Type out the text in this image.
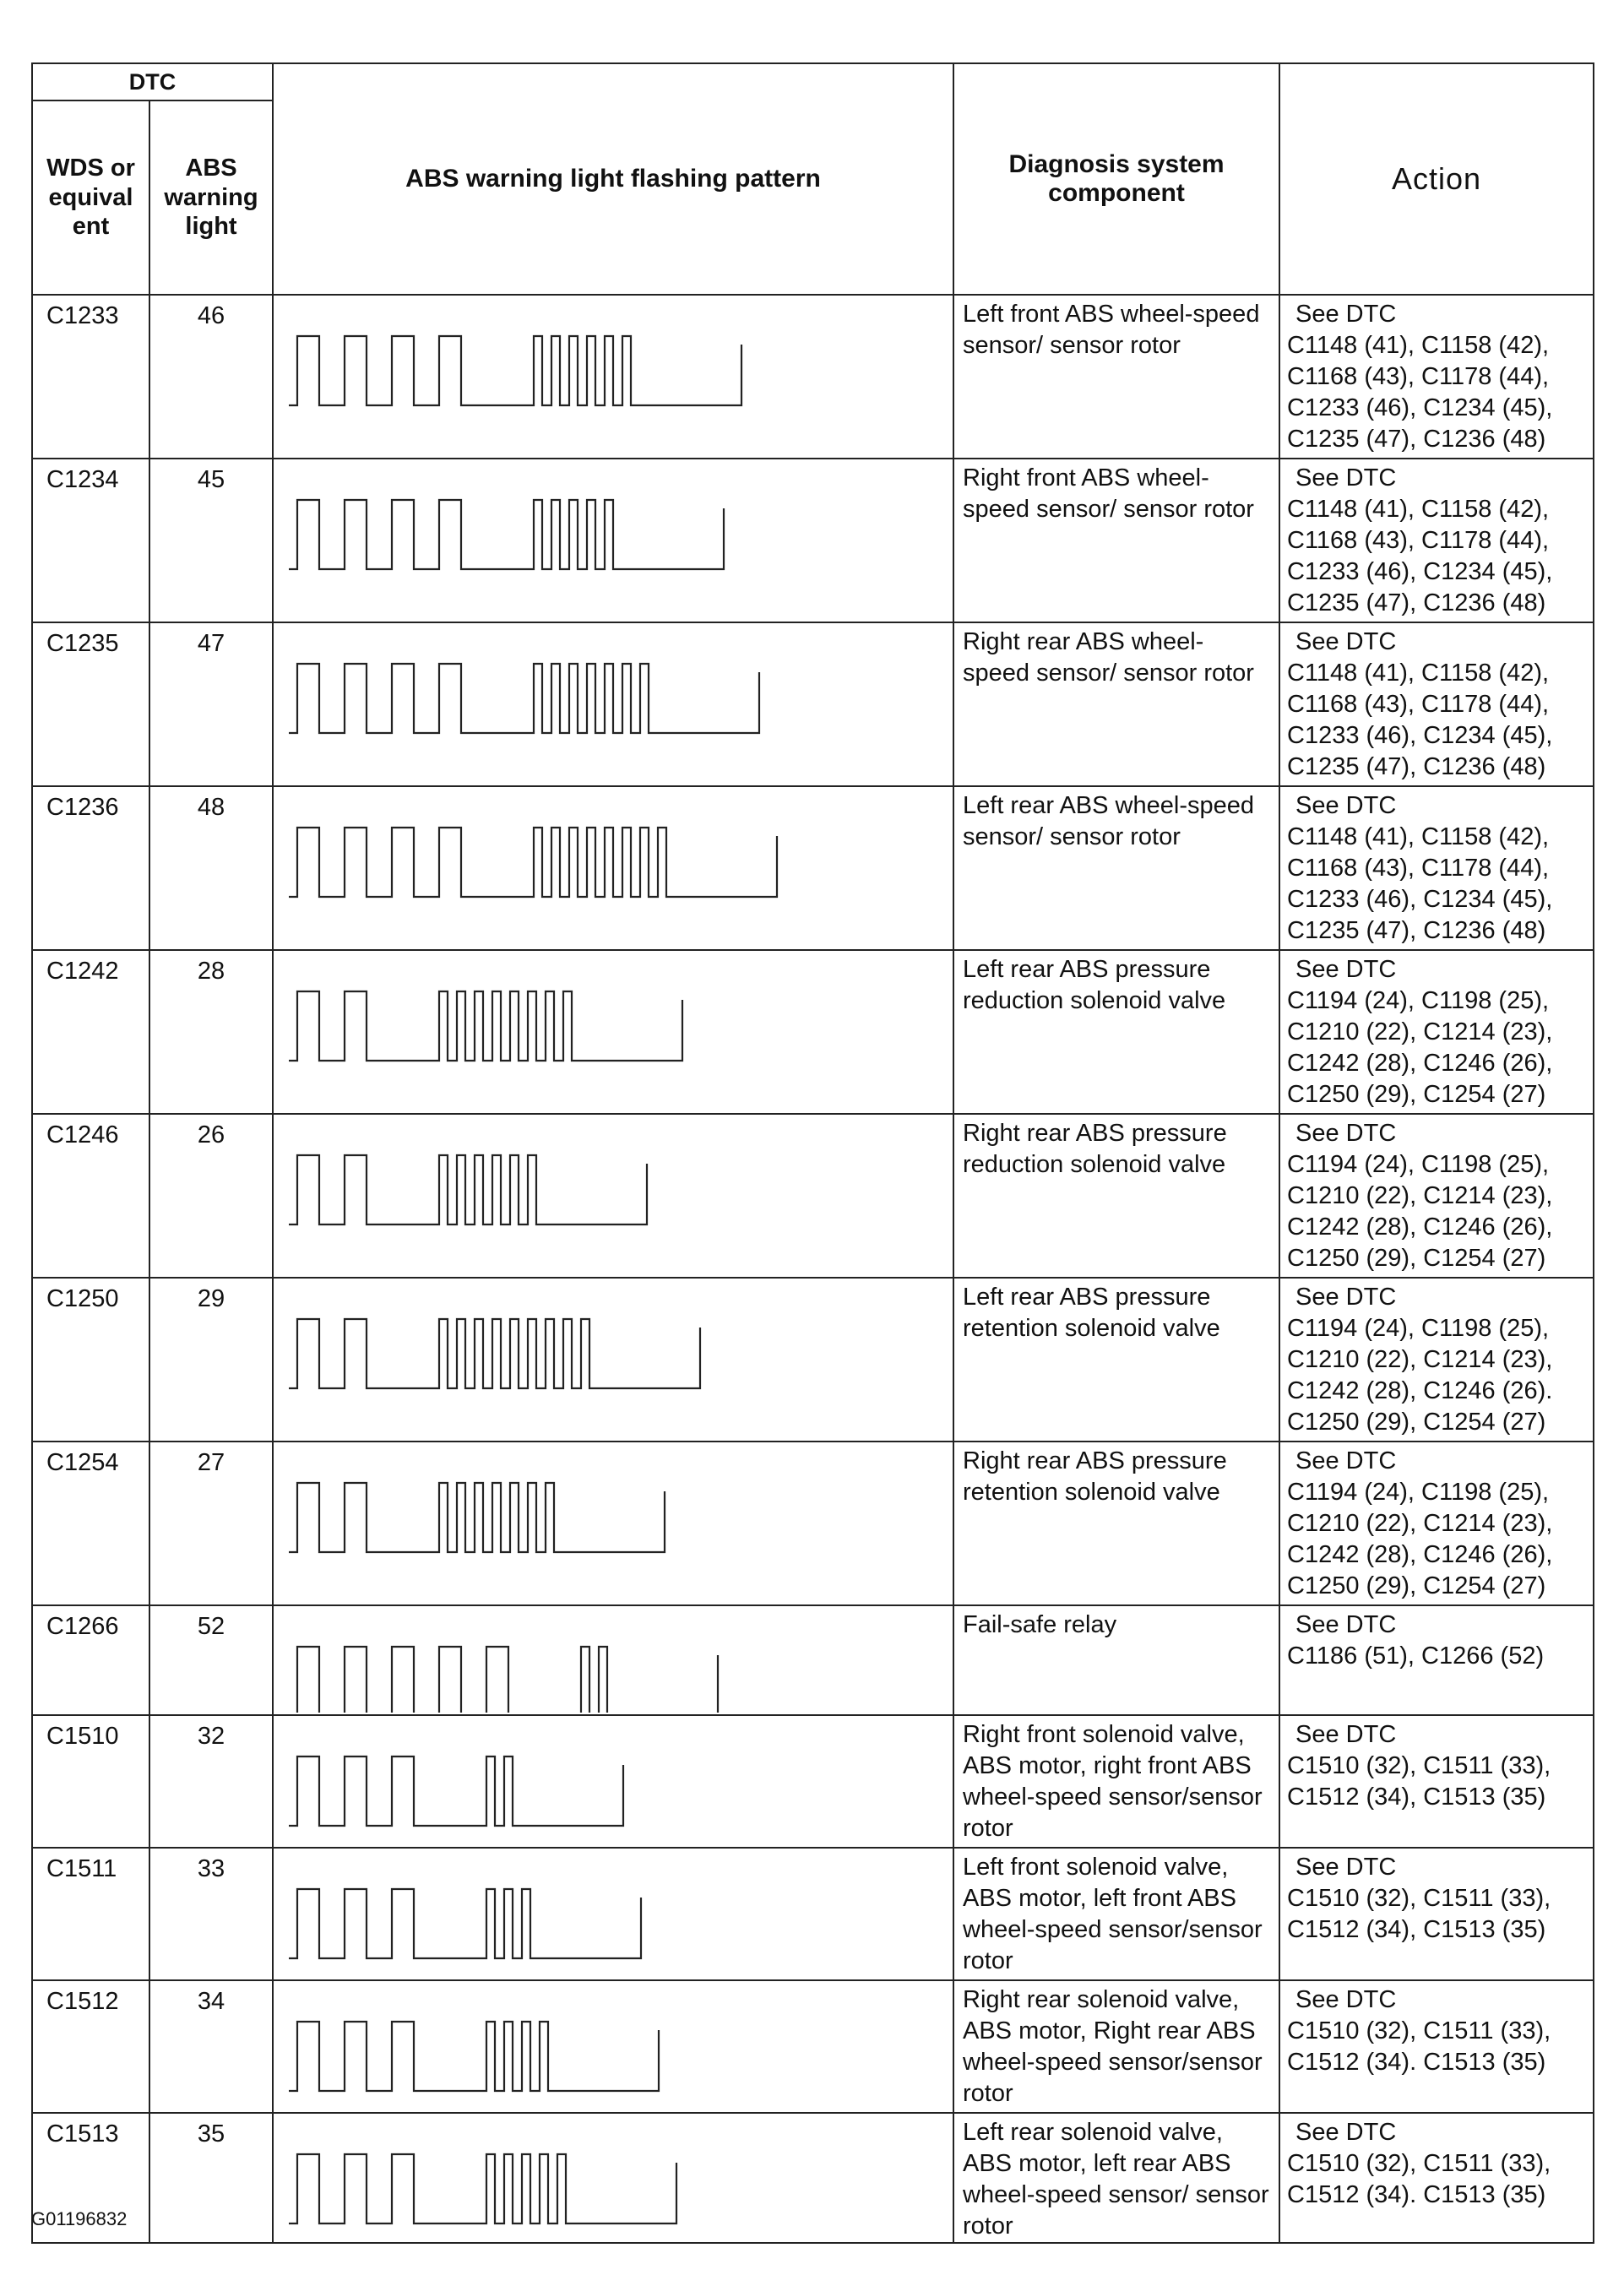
DTC		ABS warning light flashing pattern	Diagnosis system component	Action
WDS or equival ent	ABS warning light			
C1233	46		Left front ABS wheel-speed sensor/ sensor rotor	See DTC
C1148 (41), C1158 (42), C1168 (43), C1178 (44), C1233 (46), C1234 (45), C1235 (47), C1236 (48)

C1234	45		Right front ABS wheel-speed sensor/ sensor rotor	See DTC
C1148 (41), C1158 (42), C1168 (43), C1178 (44), C1233 (46), C1234 (45), C1235 (47), C1236 (48)

C1235	47		Right rear ABS wheel-speed sensor/ sensor rotor	See DTC
C1148 (41), C1158 (42), C1168 (43), C1178 (44), C1233 (46), C1234 (45), C1235 (47), C1236 (48)

C1236	48		Left rear ABS wheel-speed sensor/ sensor rotor	See DTC
C1148 (41), C1158 (42), C1168 (43), C1178 (44), C1233 (46), C1234 (45), C1235 (47), C1236 (48)

C1242	28		Left rear ABS pressure reduction solenoid valve	See DTC
C1194 (24), C1198 (25), C1210 (22), C1214 (23), C1242 (28), C1246 (26), C1250 (29), C1254 (27)

C1246	26		Right rear ABS pressure reduction solenoid valve	See DTC
C1194 (24), C1198 (25), C1210 (22), C1214 (23), C1242 (28), C1246 (26), C1250 (29), C1254 (27)

C1250	29		Left rear ABS pressure retention solenoid valve	See DTC
C1194 (24), C1198 (25), C1210 (22), C1214 (23), C1242 (28), C1246 (26). C1250 (29), C1254 (27)

C1254	27		Right rear ABS pressure retention solenoid valve	See DTC
C1194 (24), C1198 (25), C1210 (22), C1214 (23), C1242 (28), C1246 (26), C1250 (29), C1254 (27)

C1266	52		Fail-safe relay	See DTC
C1186 (51), C1266 (52)

C1510	32		Right front solenoid valve, ABS motor, right front ABS wheel-speed sensor/sensor rotor	See DTC
C1510 (32), C1511 (33), C1512 (34), C1513 (35)

C1511	33		Left front solenoid valve, ABS motor, left front ABS wheel-speed sensor/sensor rotor	See DTC
C1510 (32), C1511 (33), C1512 (34), C1513 (35)

C1512	34		Right rear solenoid valve, ABS motor, Right rear ABS wheel-speed sensor/sensor rotor	See DTC
C1510 (32), C1511 (33), C1512 (34). C1513 (35)

C1513	35		Left rear solenoid valve, ABS motor, left rear ABS wheel-speed sensor/ sensor rotor	See DTC
C1510 (32), C1511 (33), C1512 (34). C1513 (35)
G01196832
